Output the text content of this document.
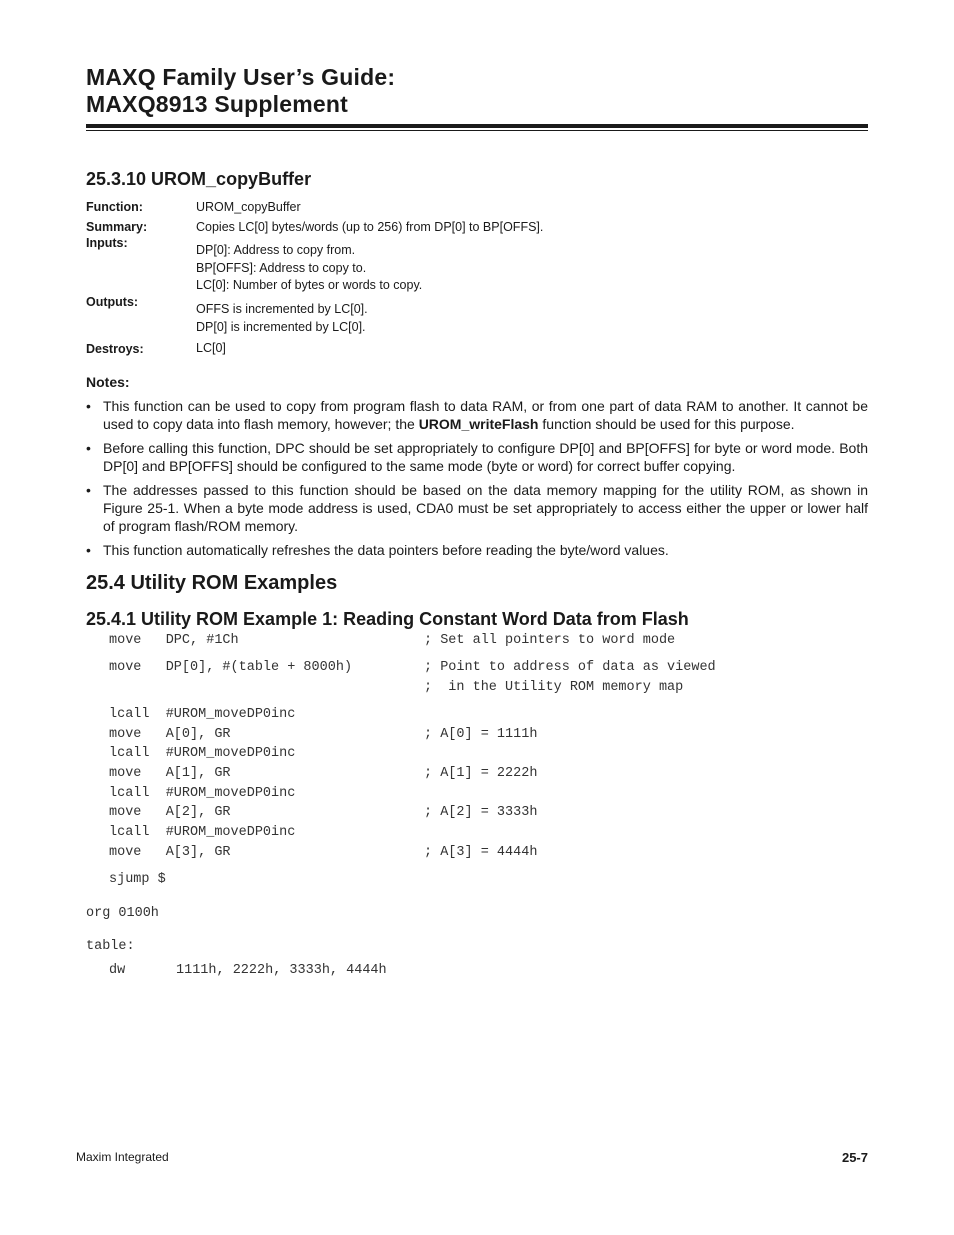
MAXQ Family User’s Guide:
MAXQ8913 Supplement
25.3.10 UROM_copyBuffer
Function:	UROM_copyBuffer
Summary:	Copies LC[0] bytes/words (up to 256) from DP[0] to BP[OFFS].
Inputs:	DP[0]: Address to copy from.
BP[OFFS]: Address to copy to.
LC[0]: Number of bytes or words to copy.
Outputs:	OFFS is incremented by LC[0].
DP[0] is incremented by LC[0].
Destroys:	LC[0]
Notes:
• This function can be used to copy from program flash to data RAM, or from one part of data RAM to another. It cannot be used to copy data into flash memory, however; the UROM_writeFlash function should be used for this purpose.
• Before calling this function, DPC should be set appropriately to configure DP[0] and BP[OFFS] for byte or word mode. Both DP[0] and BP[OFFS] should be configured to the same mode (byte or word) for correct buffer copying.
• The addresses passed to this function should be based on the data memory mapping for the utility ROM, as shown in Figure 25-1. When a byte mode address is used, CDA0 must be set appropriately to access either the upper or lower half of program flash/ROM memory.
• This function automatically refreshes the data pointers before reading the byte/word values.
25.4 Utility ROM Examples
25.4.1 Utility ROM Example 1: Reading Constant Word Data from Flash
move   DPC, #1Ch	; Set all pointers to word mode
move   DP[0], #(table + 8000h)	; Point to address of data as viewed
;  in the Utility ROM memory map
lcall  #UROM_moveDP0inc
move   A[0], GR	; A[0] = 1111h
lcall  #UROM_moveDP0inc
move   A[1], GR	; A[1] = 2222h
lcall  #UROM_moveDP0inc
move   A[2], GR	; A[2] = 3333h
lcall  #UROM_moveDP0inc
move   A[3], GR	; A[3] = 4444h
sjump $
org 0100h
table:
dw	1111h, 2222h, 3333h, 4444h
Maxim Integrated	25-7
